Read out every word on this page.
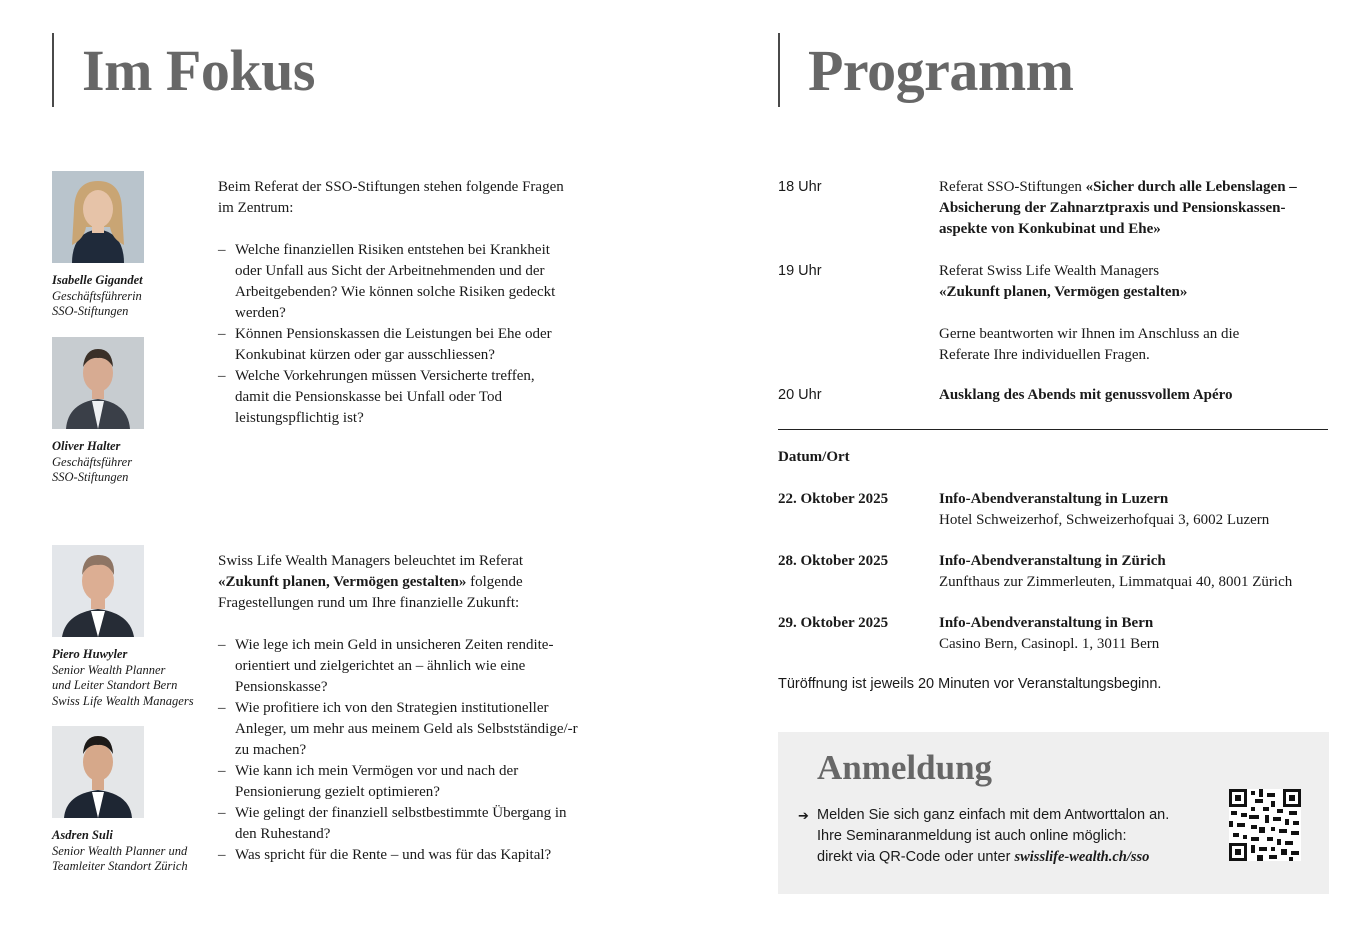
Im Fokus
Isabelle Gigandet
Geschäftsführerin
SSO-Stiftungen
Oliver Halter
Geschäftsführer
SSO-Stiftungen
Piero Huwyler
Senior Wealth Planner
und Leiter Standort Bern
Swiss Life Wealth Managers
Asdren Suli
Senior Wealth Planner und
Teamleiter Standort Zürich
Beim Referat der SSO-Stiftungen stehen folgende Fragen
im Zentrum:
– Welche finanziellen Risiken entstehen bei Krankheit
oder Unfall aus Sicht der Arbeitnehmenden und der
Arbeitgebenden? Wie können solche Risiken gedeckt
werden?
– Können Pensionskassen die Leistungen bei Ehe oder
Konkubinat kürzen oder gar ausschliessen?
– Welche Vorkehrungen müssen Versicherte treffen,
damit die Pensionskasse bei Unfall oder Tod
leistungspflichtig ist?
Swiss Life Wealth Managers beleuchtet im Referat
«Zukunft planen, Vermögen gestalten» folgende
Fragestellungen rund um Ihre finanzielle Zukunft:
– Wie lege ich mein Geld in unsicheren Zeiten rendite-
orientiert und zielgerichtet an – ähnlich wie eine
Pensionskasse?
– Wie profitiere ich von den Strategien institutioneller
Anleger, um mehr aus meinem Geld als Selbstständige/-r
zu machen?
– Wie kann ich mein Vermögen vor und nach der
Pensionierung gezielt optimieren?
– Wie gelingt der finanziell selbstbestimmte Übergang in
den Ruhestand?
– Was spricht für die Rente – und was für das Kapital?
Programm
18 Uhr	Referat SSO-Stiftungen «Sicher durch alle Lebenslagen –
Absicherung der Zahnarztpraxis und Pensionskassen-
aspekte von Konkubinat und Ehe»
19 Uhr	Referat Swiss Life Wealth Managers
«Zukunft planen, Vermögen gestalten»
Gerne beantworten wir Ihnen im Anschluss an die
Referate Ihre individuellen Fragen.
20 Uhr	Ausklang des Abends mit genussvollem Apéro
Datum/Ort
22. Oktober 2025	Info-Abendveranstaltung in Luzern
Hotel Schweizerhof, Schweizerhofquai 3, 6002 Luzern
28. Oktober 2025	Info-Abendveranstaltung in Zürich
Zunfthaus zur Zimmerleuten, Limmatquai 40, 8001 Zürich
29. Oktober 2025	Info-Abendveranstaltung in Bern
Casino Bern, Casinopl. 1, 3011 Bern
Türöffnung ist jeweils 20 Minuten vor Veranstaltungsbeginn.
Anmeldung
➔ Melden Sie sich ganz einfach mit dem Antworttalon an.
Ihre Seminaranmeldung ist auch online möglich:
direkt via QR-Code oder unter swisslife-wealth.ch/sso
